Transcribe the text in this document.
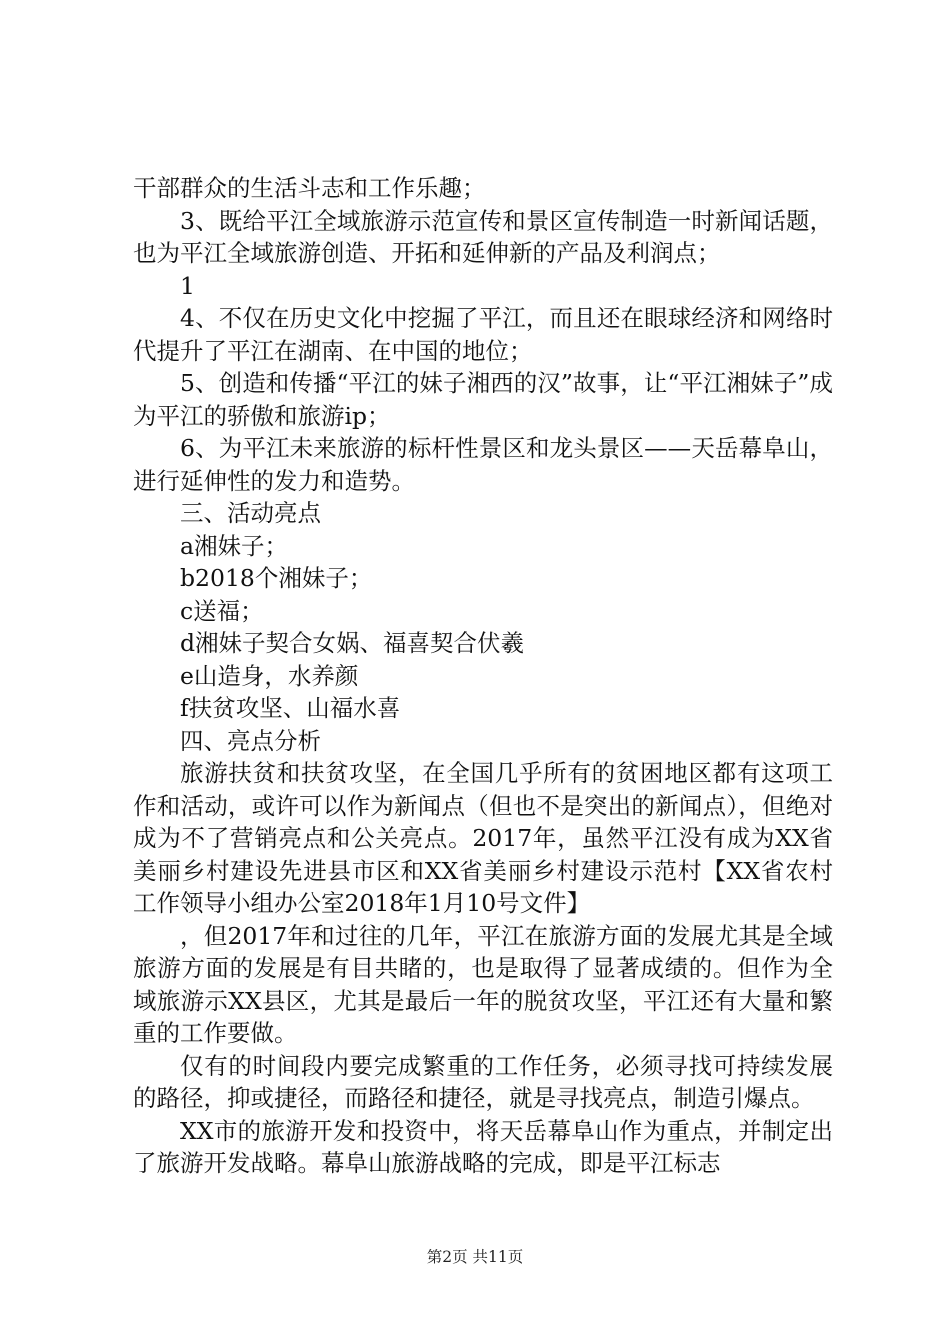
干部群众的生活斗志和工作乐趣；

3、既给平江全域旅游示范宣传和景区宣传制造一时新闻话题，也为平江全域旅游创造、开拓和延伸新的产品及利润点；

1

4、不仅在历史文化中挖掘了平江，而且还在眼球经济和网络时代提升了平江在湖南、在中国的地位；

5、创造和传播“平江的妹子湘西的汉”故事，让“平江湘妹子”成为平江的骄傲和旅游ip；

6、为平江未来旅游的标杆性景区和龙头景区——天岳幕阜山，进行延伸性的发力和造势。

三、活动亮点

a湘妹子；

b2018个湘妹子；

c送福；

d湘妹子契合女娲、福喜契合伏羲

e山造身，水养颜

f扶贫攻坚、山福水喜

四、亮点分析

旅游扶贫和扶贫攻坚，在全国几乎所有的贫困地区都有这项工作和活动，或许可以作为新闻点（但也不是突出的新闻点），但绝对成为不了营销亮点和公关亮点。2017年，虽然平江没有成为XX省美丽乡村建设先进县市区和XX省美丽乡村建设示范村【XX省农村工作领导小组办公室2018年1月10号文件】

，但2017年和过往的几年，平江在旅游方面的发展尤其是全域旅游方面的发展是有目共睹的，也是取得了显著成绩的。但作为全域旅游示XX县区，尤其是最后一年的脱贫攻坚，平江还有大量和繁重的工作要做。

仅有的时间段内要完成繁重的工作任务，必须寻找可持续发展的路径，抑或捷径，而路径和捷径，就是寻找亮点，制造引爆点。

XX市的旅游开发和投资中，将天岳幕阜山作为重点，并制定出了旅游开发战略。幕阜山旅游战略的完成，即是平江标志

第2页 共11页
